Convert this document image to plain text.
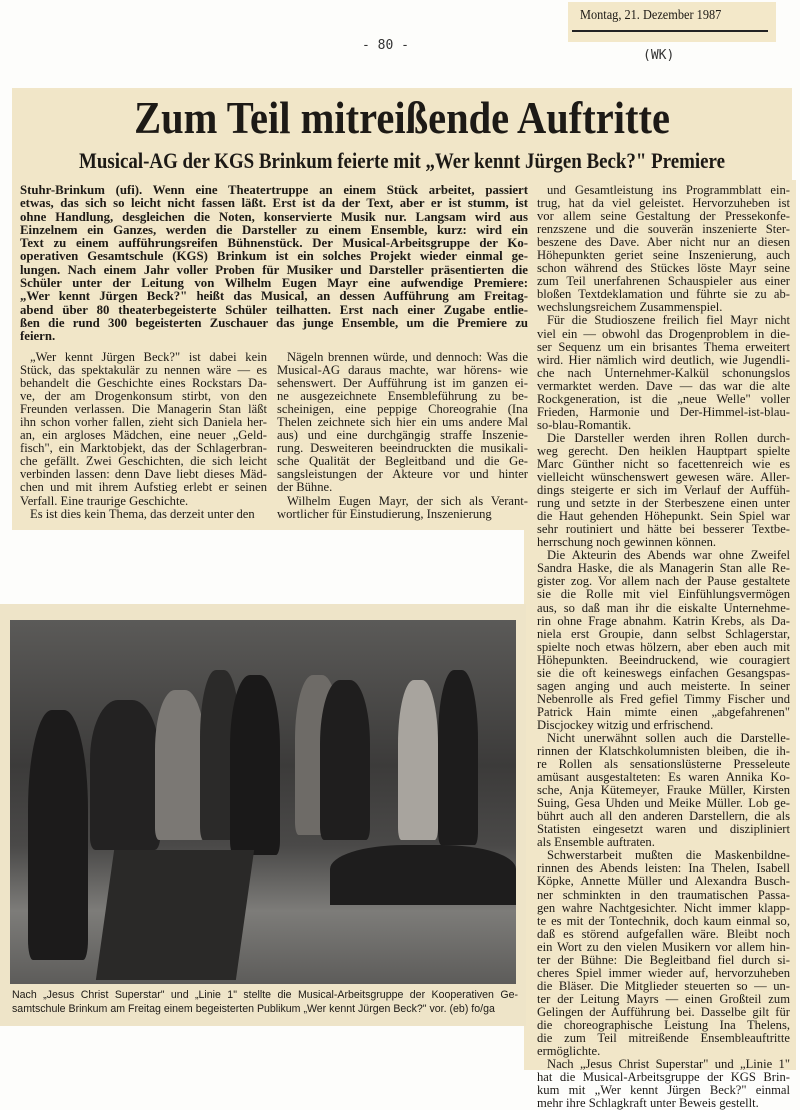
Montag, 21. Dezember 1987
- 80 -
(WK)
Zum Teil mitreißende Auftritte
Musical-AG der KGS Brinkum feierte mit „Wer kennt Jürgen Beck?" Premiere
Stuhr-Brinkum (ufi). Wenn eine Theatertruppe an einem Stück arbeitet, passiert
etwas, das sich so leicht nicht fassen läßt. Erst ist da der Text, aber er ist stumm, ist
ohne Handlung, desgleichen die Noten, konservierte Musik nur. Langsam wird aus
Einzelnem ein Ganzes, werden die Darsteller zu einem Ensemble, kurz: wird ein
Text zu einem aufführungsreifen Bühnenstück. Der Musical-Arbeitsgruppe der Ko-
operativen Gesamtschule (KGS) Brinkum ist ein solches Projekt wieder einmal ge-
lungen. Nach einem Jahr voller Proben für Musiker und Darsteller präsentierten die
Schüler unter der Leitung von Wilhelm Eugen Mayr eine aufwendige Premiere:
„Wer kennt Jürgen Beck?" heißt das Musical, an dessen Aufführung am Freitag-
abend über 80 theaterbegeisterte Schüler teilhatten. Erst nach einer Zugabe entlie-
ßen die rund 300 begeisterten Zuschauer das junge Ensemble, um die Premiere zu
feiern.
„Wer kennt Jürgen Beck?" ist dabei kein
Stück, das spektakulär zu nennen wäre — es
behandelt die Geschichte eines Rockstars Da-
ve, der am Drogenkonsum stirbt, von den
Freunden verlassen. Die Managerin Stan läßt
ihn schon vorher fallen, zieht sich Daniela her-
an, ein argloses Mädchen, eine neuer „Geld-
fisch", ein Marktobjekt, das der Schlagerbran-
che gefällt. Zwei Geschichten, die sich leicht
verbinden lassen: denn Dave liebt dieses Mäd-
chen und mit ihrem Aufstieg erlebt er seinen
Verfall. Eine traurige Geschichte.
Es ist dies kein Thema, das derzeit unter den
Nägeln brennen würde, und dennoch: Was die
Musical-AG daraus machte, war hörens- wie
sehenswert. Der Aufführung ist im ganzen ei-
ne ausgezeichnete Ensembleführung zu be-
scheinigen, eine peppige Choreograhie (Ina
Thelen zeichnete sich hier ein ums andere Mal
aus) und eine durchgängig straffe Inszenie-
rung. Desweiteren beeindruckten die musikali-
sche Qualität der Begleitband und die Ge-
sangsleistungen der Akteure vor und hinter
der Bühne.
Wilhelm Eugen Mayr, der sich als Verant-
wortlicher für Einstudierung, Inszenierung
und Gesamtleistung ins Programmblatt ein-
trug, hat da viel geleistet. Hervorzuheben ist
vor allem seine Gestaltung der Pressekonfe-
renzszene und die souverän inszenierte Ster-
beszene des Dave. Aber nicht nur an diesen
Höhepunkten geriet seine Inszenierung, auch
schon während des Stückes löste Mayr seine
zum Teil unerfahrenen Schauspieler aus einer
bloßen Textdeklamation und führte sie zu ab-
wechslungsreichem Zusammenspiel.
Für die Studioszene freilich fiel Mayr nicht
viel ein — obwohl das Drogenproblem in die-
ser Sequenz um ein brisantes Thema erweitert
wird. Hier nämlich wird deutlich, wie Jugendli-
che nach Unternehmer-Kalkül schonungslos
vermarktet werden. Dave — das war die alte
Rockgeneration, ist die „neue Welle" voller
Frieden, Harmonie und Der-Himmel-ist-blau-
so-blau-Romantik.
Die Darsteller werden ihren Rollen durch-
weg gerecht. Den heiklen Hauptpart spielte
Marc Günther nicht so facettenreich wie es
vielleicht wünschenswert gewesen wäre. Aller-
dings steigerte er sich im Verlauf der Auffüh-
rung und setzte in der Sterbeszene einen unter
die Haut gehenden Höhepunkt. Sein Spiel war
sehr routiniert und hätte bei besserer Textbe-
herrschung noch gewinnen können.
Die Akteurin des Abends war ohne Zweifel
Sandra Haske, die als Managerin Stan alle Re-
gister zog. Vor allem nach der Pause gestaltete
sie die Rolle mit viel Einfühlungsvermögen
aus, so daß man ihr die eiskalte Unternehme-
rin ohne Frage abnahm. Katrin Krebs, als Da-
niela erst Groupie, dann selbst Schlagerstar,
spielte noch etwas hölzern, aber eben auch mit
Höhepunkten. Beeindruckend, wie couragiert
sie die oft keineswegs einfachen Gesangspas-
sagen anging und auch meisterte. In seiner
Nebenrolle als Fred gefiel Timmy Fischer und
Patrick Hain mimte einen „abgefahrenen"
Discjockey witzig und erfrischend.
Nicht unerwähnt sollen auch die Darstelle-
rinnen der Klatschkolumnisten bleiben, die ih-
re Rollen als sensationslüsterne Presseleute
amüsant ausgestalteten: Es waren Annika Ko-
sche, Anja Kütemeyer, Frauke Müller, Kirsten
Suing, Gesa Uhden und Meike Müller. Lob ge-
bührt auch all den anderen Darstellern, die als
Statisten eingesetzt waren und diszipliniert
als Ensemble auftraten.
Schwerstarbeit mußten die Maskenbildne-
rinnen des Abends leisten: Ina Thelen, Isabell
Köpke, Annette Müller und Alexandra Busch-
ner schminkten in den traumatischen Passa-
gen wahre Nachtgesichter. Nicht immer klapp-
te es mit der Tontechnik, doch kaum einmal so,
daß es störend aufgefallen wäre. Bleibt noch
ein Wort zu den vielen Musikern vor allem hin-
ter der Bühne: Die Begleitband fiel durch si-
cheres Spiel immer wieder auf, hervorzuheben
die Bläser. Die Mitglieder steuerten so — un-
ter der Leitung Mayrs — einen Großteil zum
Gelingen der Aufführung bei. Dasselbe gilt für
die choreographische Leistung Ina Thelens,
die zum Teil mitreißende Ensembleauftritte
ermöglichte.
Nach „Jesus Christ Superstar" und „Linie 1"
hat die Musical-Arbeitsgruppe der KGS Brin-
kum mit „Wer kennt Jürgen Beck?" einmal
mehr ihre Schlagkraft unter Beweis gestellt.
Nach „Jesus Christ Superstar" und „Linie 1" stellte die Musical-Arbeitsgruppe der Kooperativen Ge-
samtschule Brinkum am Freitag einem begeisterten Publikum „Wer kennt Jürgen Beck?" vor. (eb) fo/ga
